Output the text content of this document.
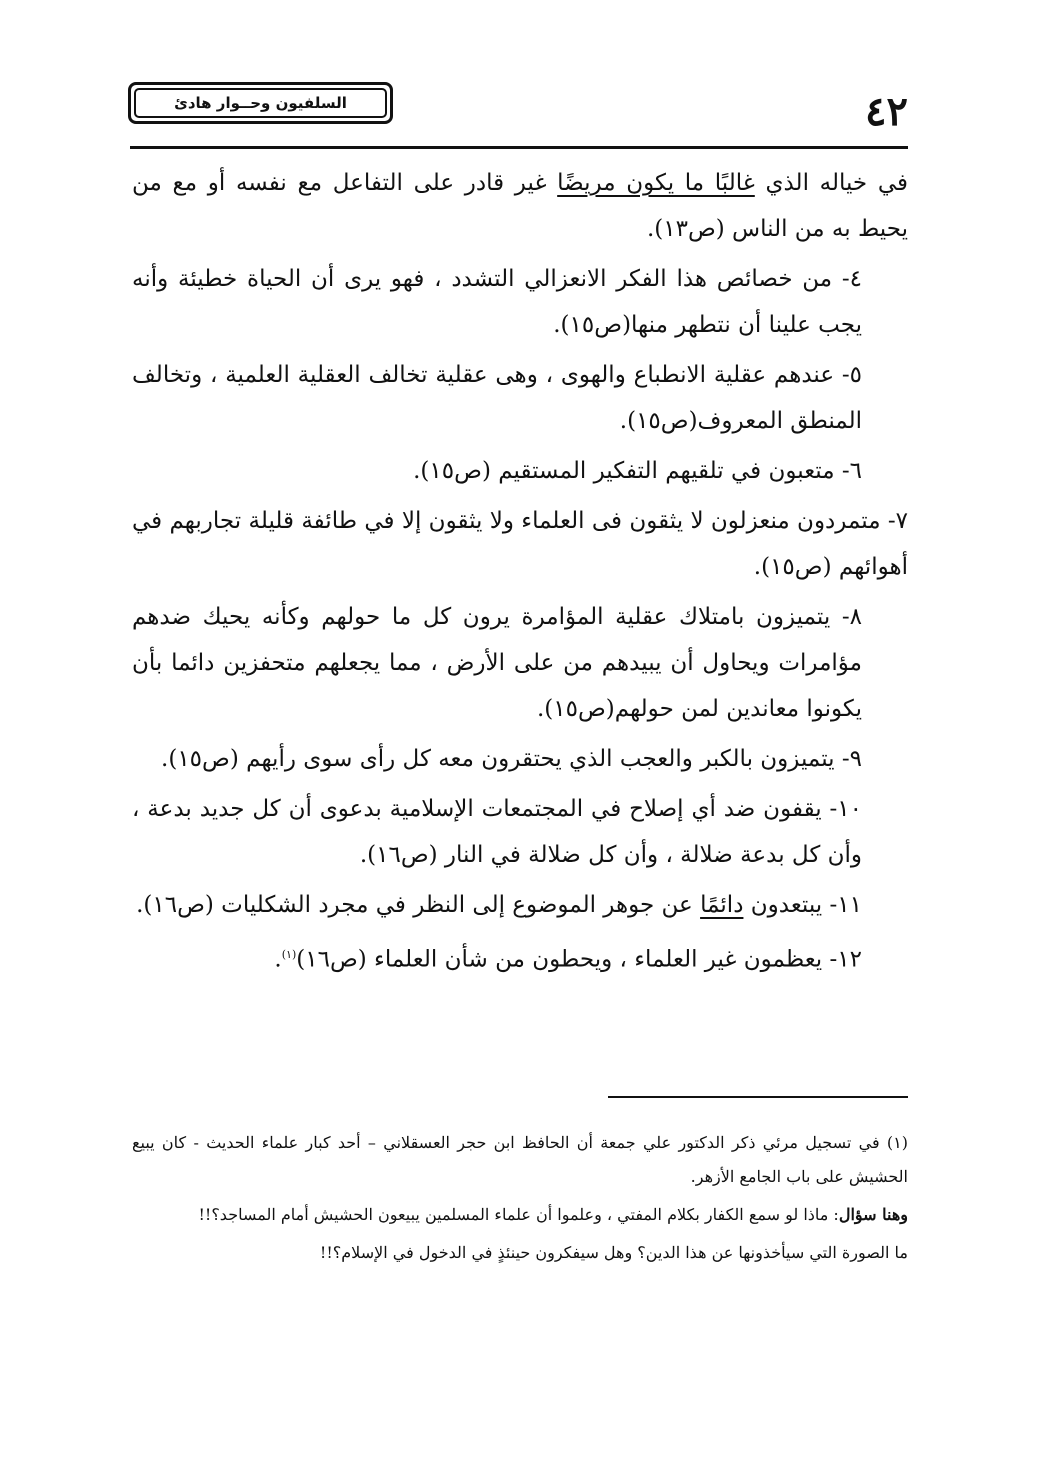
٤٢
السلفيون وحــوار هادئ

في خياله الذي غالبًا ما يكون مريضًا غير قادر على التفاعل مع نفسه أو مع من يحيط به من الناس (ص١٣).

٤- من خصائص هذا الفكر الانعزالي التشدد ، فهو يرى أن الحياة خطيئة وأنه يجب علينا أن نتطهر منها(ص١٥).

٥- عندهم عقلية الانطباع والهوى ، وهى عقلية تخالف العقلية العلمية ، وتخالف المنطق المعروف(ص١٥).

٦- متعبون في تلقيهم التفكير المستقيم (ص١٥).

٧- متمردون منعزلون لا يثقون فى العلماء ولا يثقون إلا في طائفة قليلة تجاربهم في أهوائهم (ص١٥).

٨- يتميزون بامتلاك عقلية المؤامرة يرون كل ما حولهم وكأنه يحيك ضدهم مؤامرات ويحاول أن يبيدهم من على الأرض ، مما يجعلهم متحفزين دائما بأن يكونوا معاندين لمن حولهم(ص١٥).

٩- يتميزون بالكبر والعجب الذي يحتقرون معه كل رأى سوى رأيهم (ص١٥).

١٠- يقفون ضد أي إصلاح في المجتمعات الإسلامية بدعوى أن كل جديد بدعة ، وأن كل بدعة ضلالة ، وأن كل ضلالة في النار (ص١٦).

١١- يبتعدون دائمًا عن جوهر الموضوع إلى النظر في مجرد الشكليات (ص١٦).

١٢- يعظمون غير العلماء ، ويحطون من شأن العلماء (ص١٦)$^{(١)}$.

(١) في تسجيل مرئي ذكر الدكتور علي جمعة أن الحافظ ابن حجر العسقلاني – أحد كبار علماء الحديث - كان يبيع الحشيش على باب الجامع الأزهر.

وهنا سؤال: ماذا لو سمع الكفار بكلام المفتي ، وعلموا أن علماء المسلمين يبيعون الحشيش أمام المساجد؟!!

ما الصورة التي سيأخذونها عن هذا الدين؟ وهل سيفكرون حينئذٍ في الدخول في الإسلام؟!!
